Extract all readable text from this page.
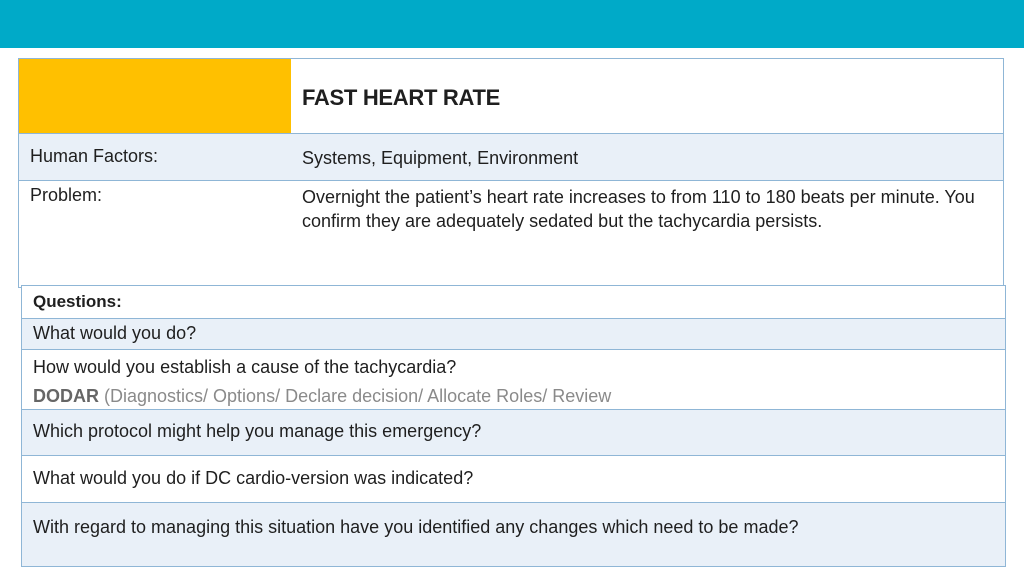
FAST HEART RATE
Human Factors:	Systems, Equipment, Environment
Problem:	Overnight the patient’s heart rate increases to from 110 to 180 beats per minute. You confirm they are adequately sedated but the tachycardia persists.
Questions:
What would you do?
How would you establish a cause of the tachycardia?
DODAR (Diagnostics/ Options/ Declare decision/ Allocate Roles/ Review
Which protocol might help you manage this emergency?
What would you do if DC cardio-version was indicated?
With regard to managing this situation have you identified any changes which need to be made?
